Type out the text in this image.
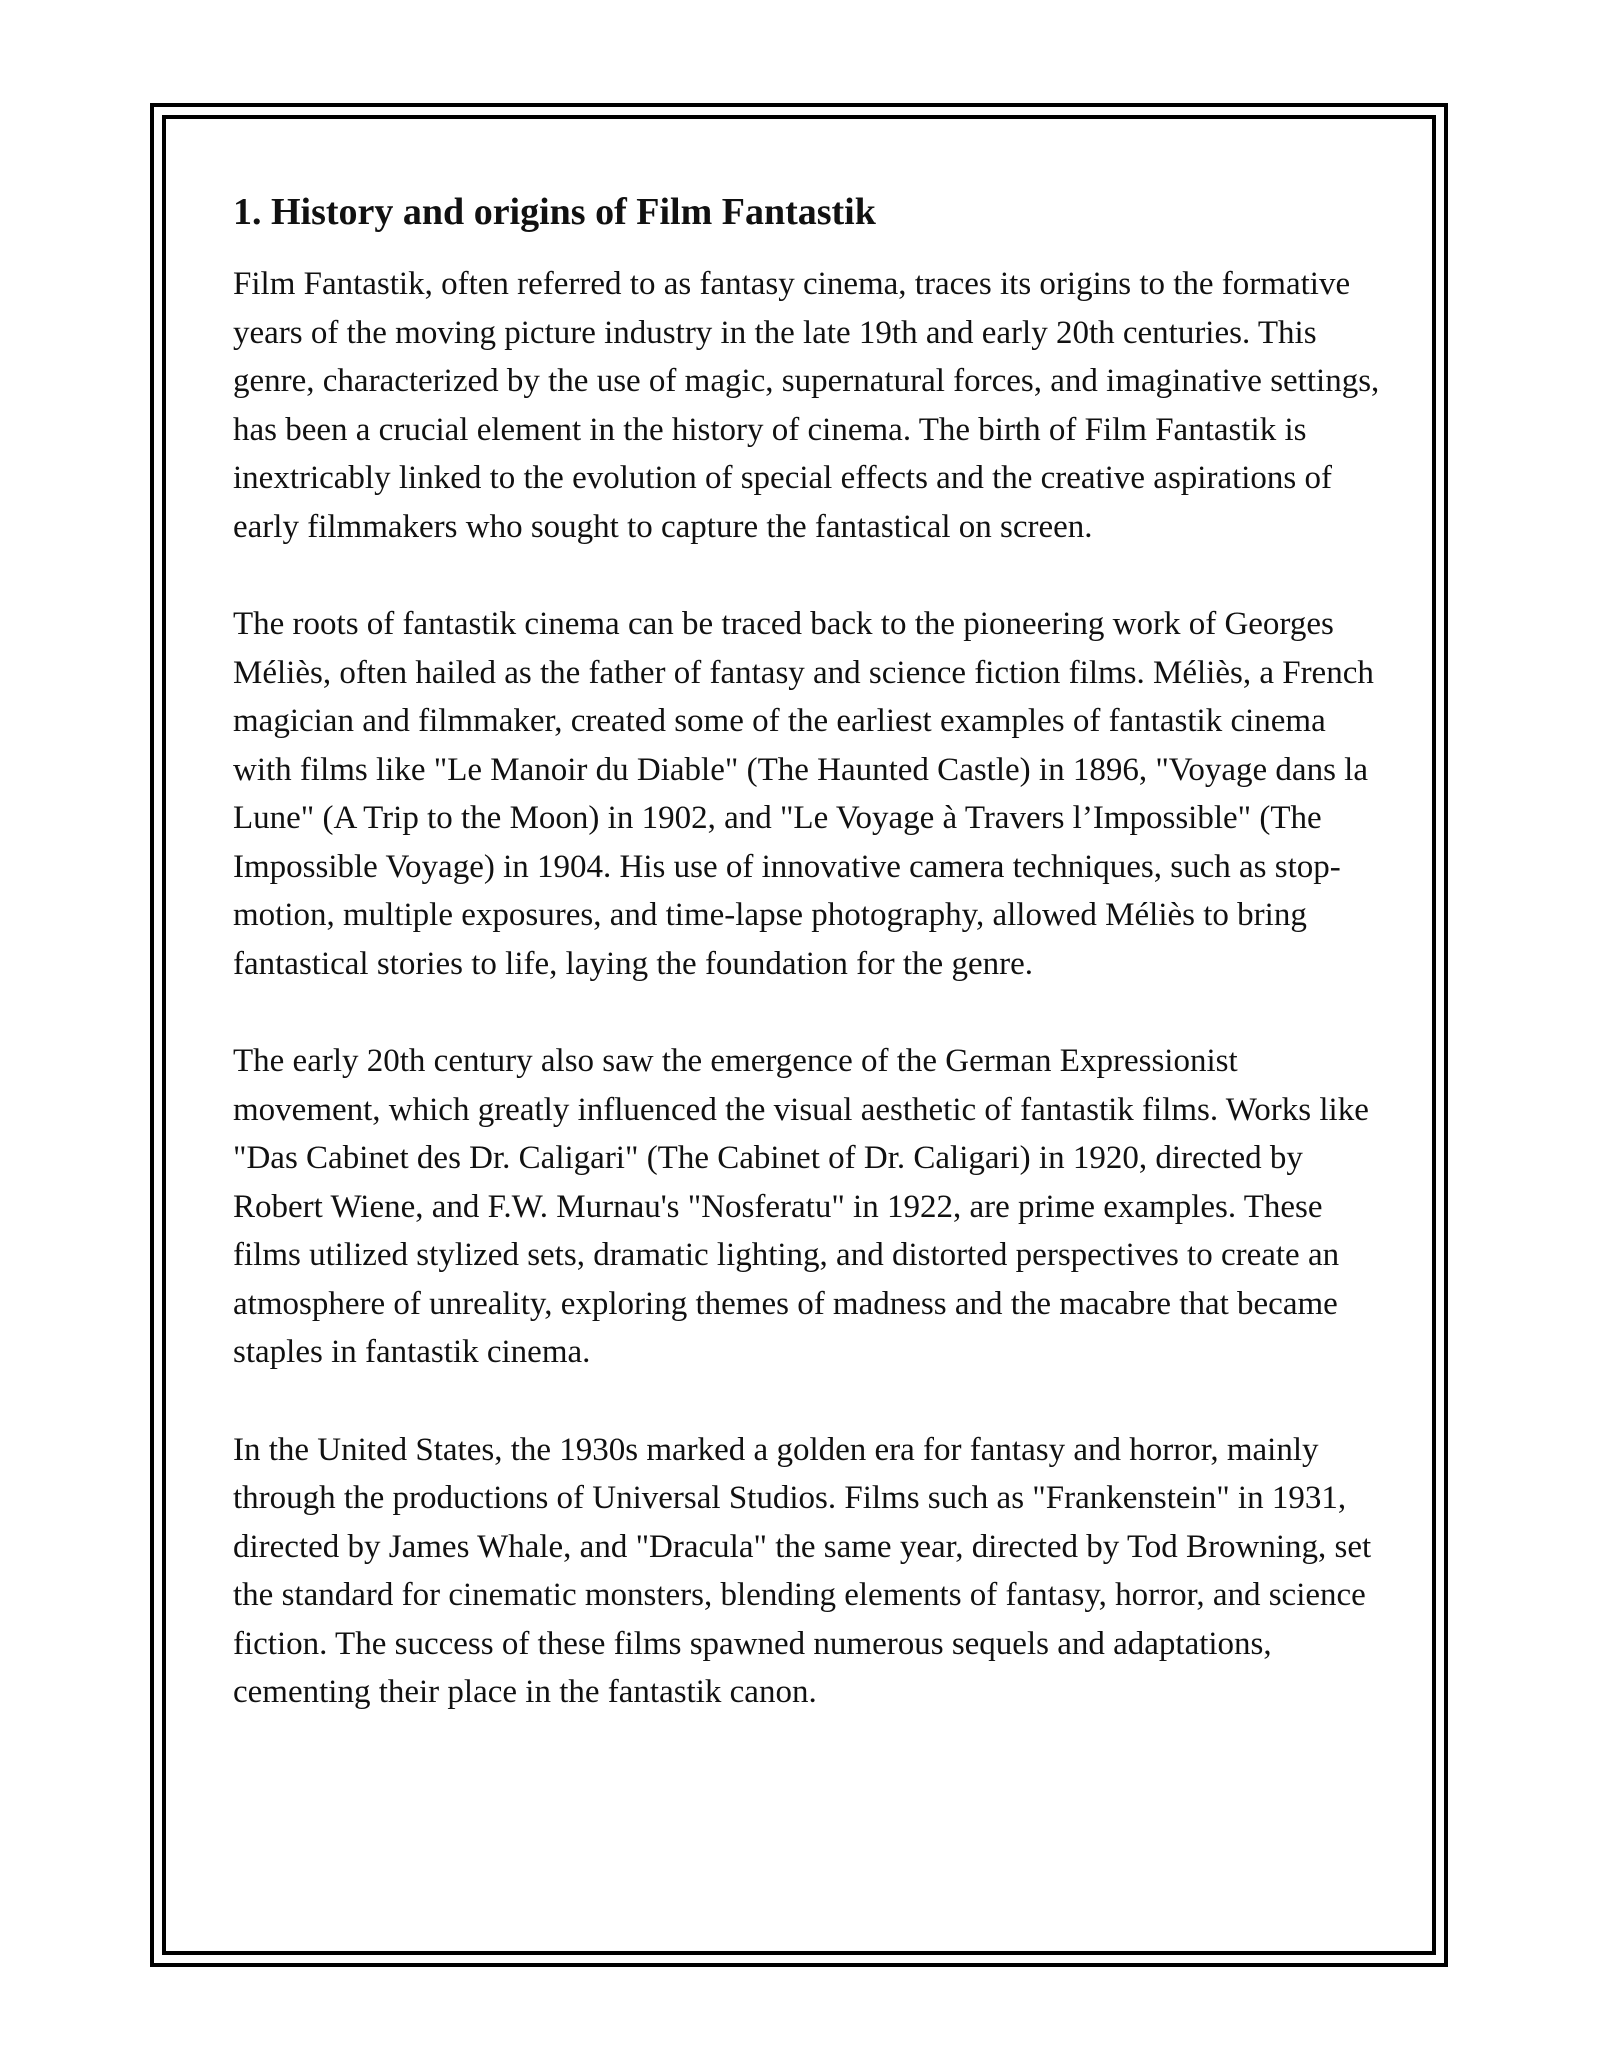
1. History and origins of Film Fantastik

Film Fantastik, often referred to as fantasy cinema, traces its origins to the formative years of the moving picture industry in the late 19th and early 20th centuries. This genre, characterized by the use of magic, supernatural forces, and imaginative settings, has been a crucial element in the history of cinema. The birth of Film Fantastik is inextricably linked to the evolution of special effects and the creative aspirations of early filmmakers who sought to capture the fantastical on screen.

The roots of fantastik cinema can be traced back to the pioneering work of Georges Méliès, often hailed as the father of fantasy and science fiction films. Méliès, a French magician and filmmaker, created some of the earliest examples of fantastik cinema with films like "Le Manoir du Diable" (The Haunted Castle) in 1896, "Voyage dans la Lune" (A Trip to the Moon) in 1902, and "Le Voyage à Travers l’Impossible" (The Impossible Voyage) in 1904. His use of innovative camera techniques, such as stop-motion, multiple exposures, and time-lapse photography, allowed Méliès to bring fantastical stories to life, laying the foundation for the genre.

The early 20th century also saw the emergence of the German Expressionist movement, which greatly influenced the visual aesthetic of fantastik films. Works like "Das Cabinet des Dr. Caligari" (The Cabinet of Dr. Caligari) in 1920, directed by Robert Wiene, and F.W. Murnau's "Nosferatu" in 1922, are prime examples. These films utilized stylized sets, dramatic lighting, and distorted perspectives to create an atmosphere of unreality, exploring themes of madness and the macabre that became staples in fantastik cinema.

In the United States, the 1930s marked a golden era for fantasy and horror, mainly through the productions of Universal Studios. Films such as "Frankenstein" in 1931, directed by James Whale, and "Dracula" the same year, directed by Tod Browning, set the standard for cinematic monsters, blending elements of fantasy, horror, and science fiction. The success of these films spawned numerous sequels and adaptations, cementing their place in the fantastik canon.
